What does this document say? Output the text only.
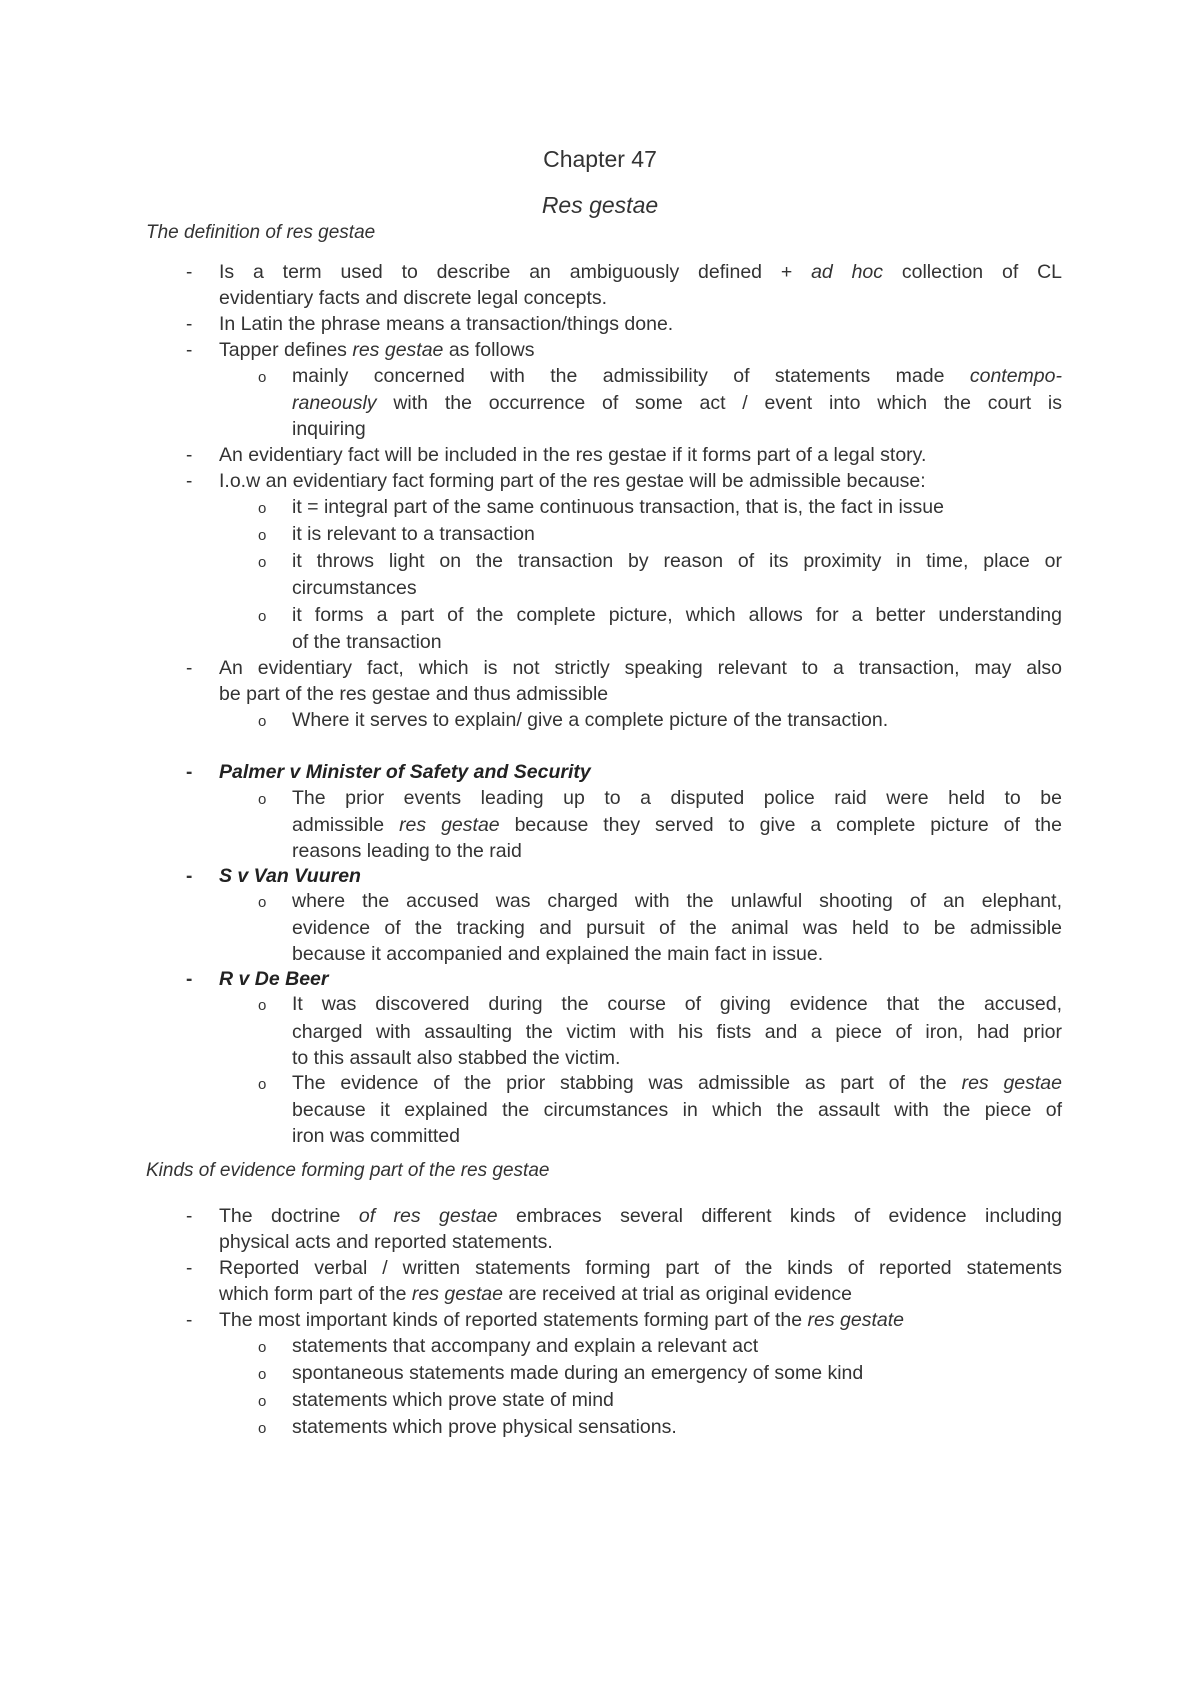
Chapter 47
Res gestae
The definition of res gestae
- Is a term used to describe an ambiguously defined + ad hoc collection of CL
evidentiary facts and discrete legal concepts.
- In Latin the phrase means a transaction/things done.
- Tapper defines res gestae as follows
o mainly concerned with the admissibility of statements made contempo-
raneously with the occurrence of some act / event into which the court is
inquiring
- An evidentiary fact will be included in the res gestae if it forms part of a legal story.
- I.o.w an evidentiary fact forming part of the res gestae will be admissible because:
o it = integral part of the same continuous transaction, that is, the fact in issue
o it is relevant to a transaction
o it throws light on the transaction by reason of its proximity in time, place or
circumstances
o it forms a part of the complete picture, which allows for a better understanding
of the transaction
- An evidentiary fact, which is not strictly speaking relevant to a transaction, may also
be part of the res gestae and thus admissible
o Where it serves to explain/ give a complete picture of the transaction.
- Palmer v Minister of Safety and Security
o The prior events leading up to a disputed police raid were held to be
admissible res gestae because they served to give a complete picture of the
reasons leading to the raid
- S v Van Vuuren
o where the accused was charged with the unlawful shooting of an elephant,
evidence of the tracking and pursuit of the animal was held to be admissible
because it accompanied and explained the main fact in issue.
- R v De Beer
o It was discovered during the course of giving evidence that the accused,
charged with assaulting the victim with his fists and a piece of iron, had prior
to this assault also stabbed the victim.
o The evidence of the prior stabbing was admissible as part of the res gestae
because it explained the circumstances in which the assault with the piece of
iron was committed
Kinds of evidence forming part of the res gestae
- The doctrine of res gestae embraces several different kinds of evidence including
physical acts and reported statements.
- Reported verbal / written statements forming part of the kinds of reported statements
which form part of the res gestae are received at trial as original evidence
- The most important kinds of reported statements forming part of the res gestate
o statements that accompany and explain a relevant act
o spontaneous statements made during an emergency of some kind
o statements which prove state of mind
o statements which prove physical sensations.
